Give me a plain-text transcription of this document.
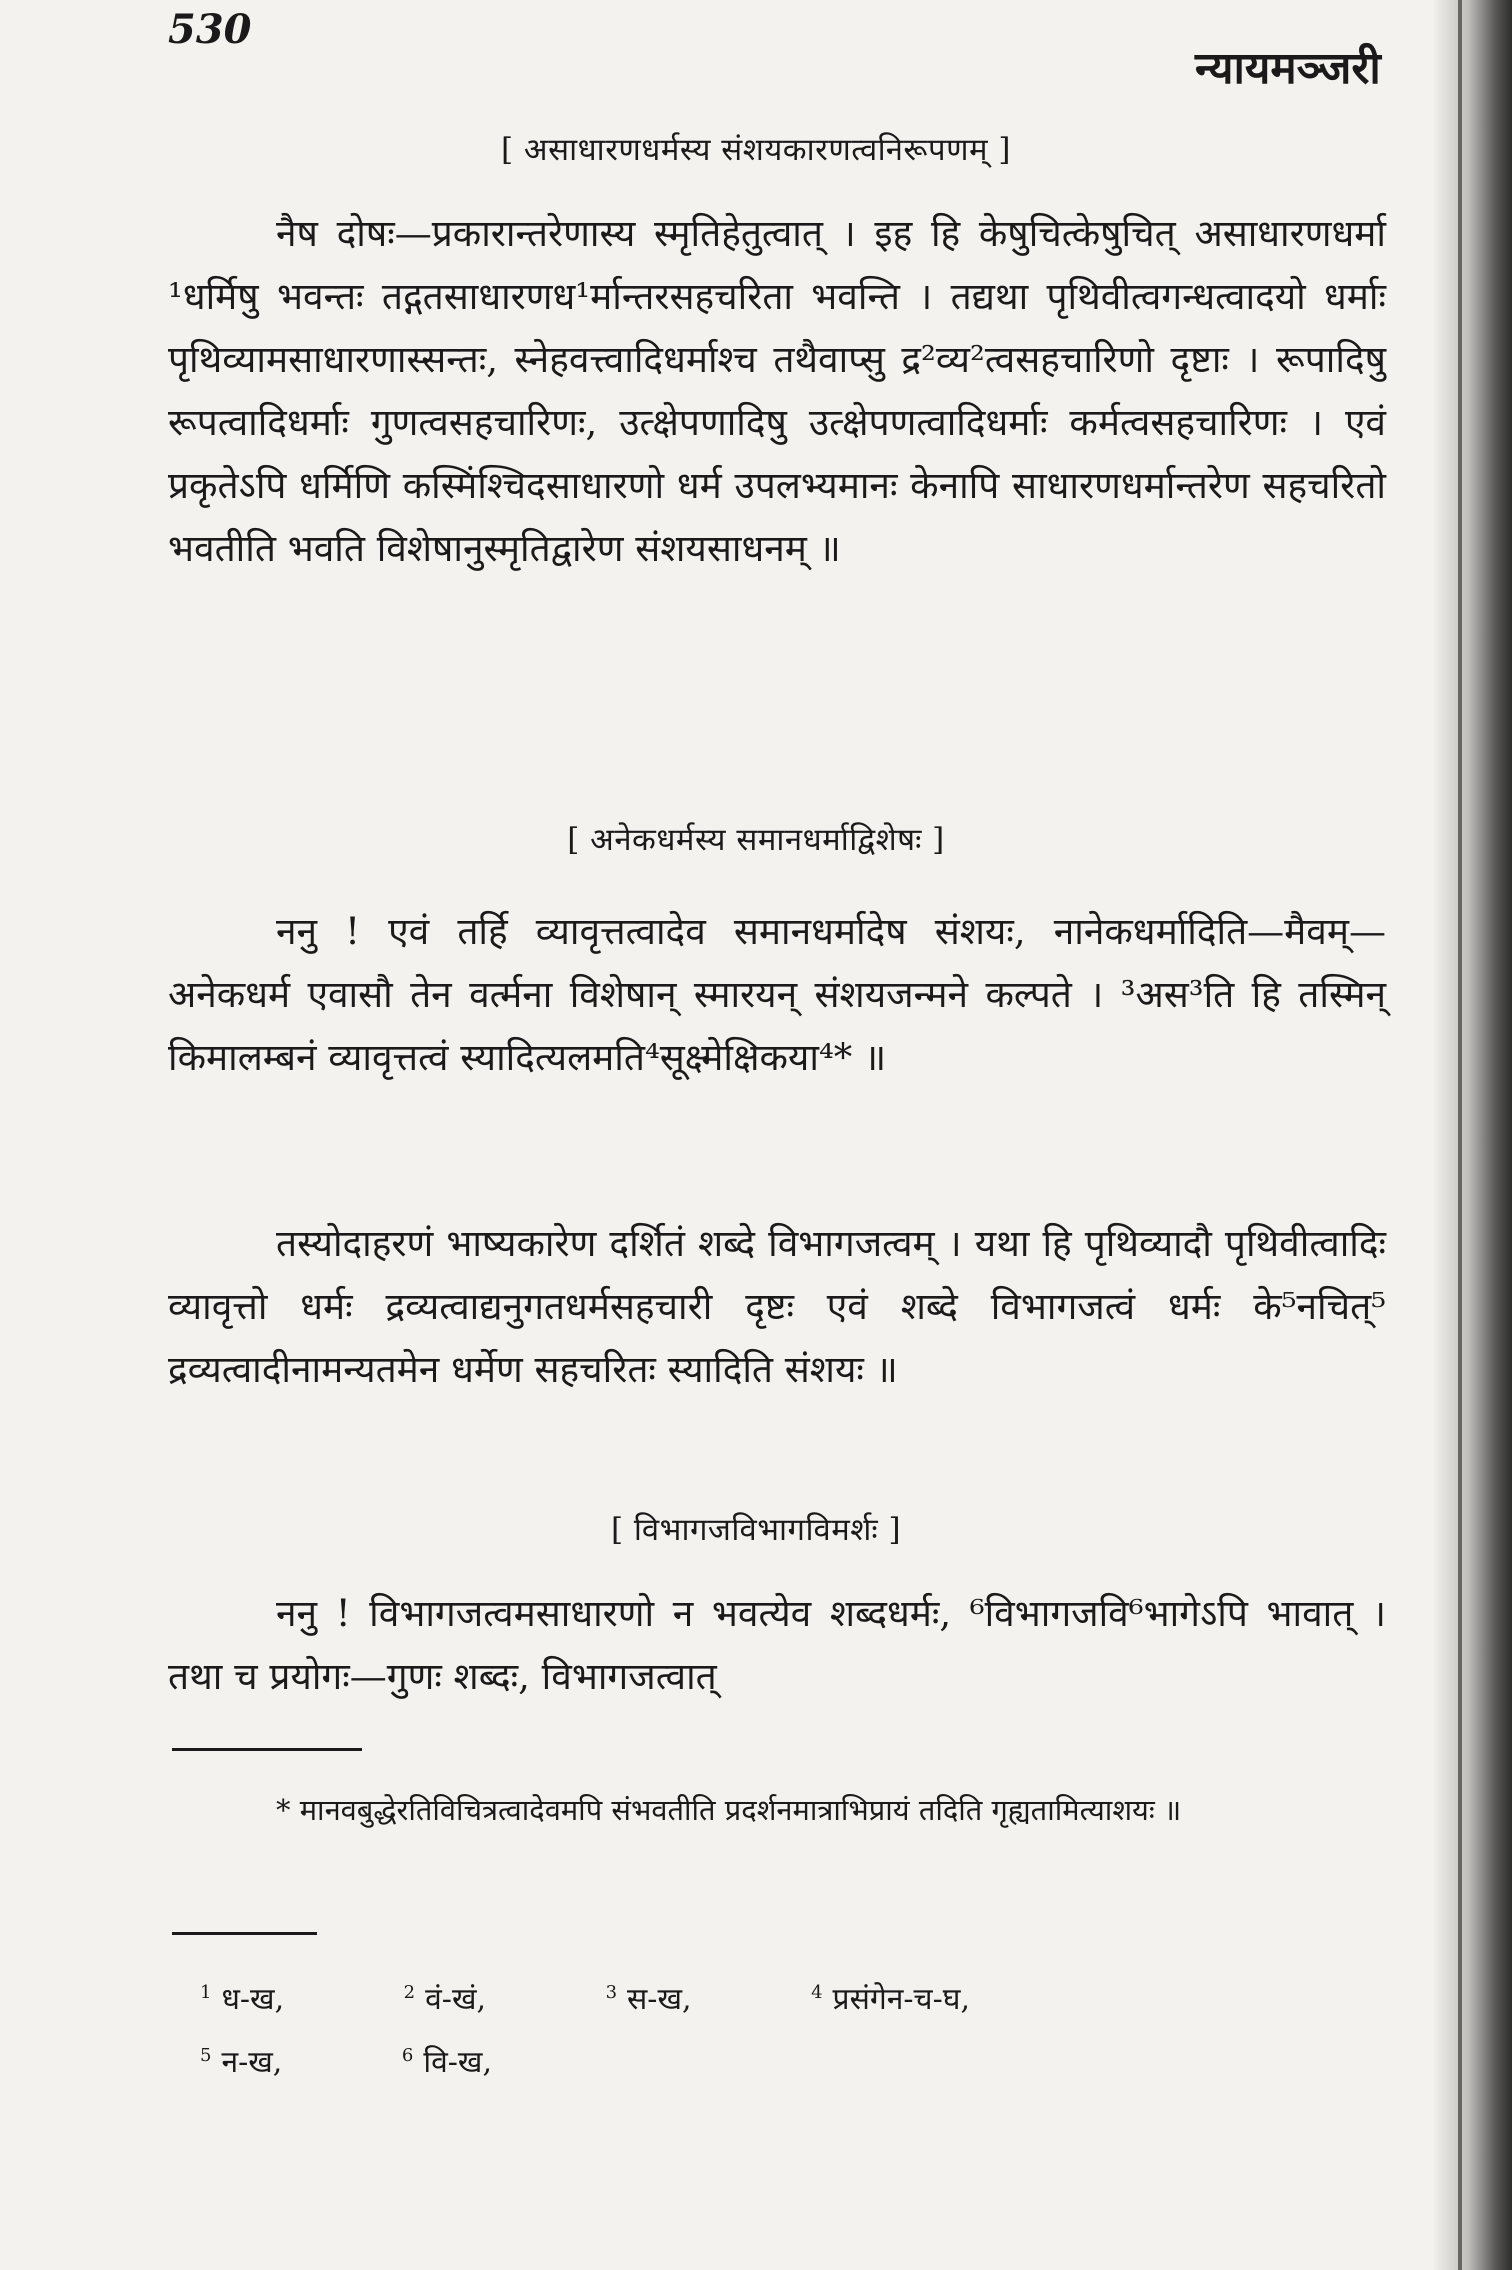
530
न्यायमञ्जरी
[ असाधारणधर्मस्य संशयकारणत्वनिरूपणम् ]

नैष दोषः—प्रकारान्तरेणास्य स्मृतिहेतुत्वात् । इह हि केषुचित्केषुचित् असाधारणधर्मा ¹धर्मिषु भवन्तः तद्गतसाधारणध¹र्मान्तरसहचरिता भवन्ति । तद्यथा पृथिवीत्वगन्धत्वादयो धर्माः पृथिव्यामसाधारणास्सन्तः, स्नेहवत्त्वादिधर्माश्च तथैवाप्सु द्र²व्य²त्वसहचारिणो दृष्टाः । रूपादिषु रूपत्वादिधर्माः गुणत्वसहचारिणः, उत्क्षेपणादिषु उत्क्षेपणत्वादिधर्माः कर्मत्वसहचारिणः । एवं प्रकृतेऽपि धर्मिणि कस्मिंश्चिदसाधारणो धर्म उपलभ्यमानः केनापि साधारणधर्मान्तरेण सहचरितो भवतीति भवति विशेषानुस्मृतिद्वारेण संशयसाधनम् ॥

[ अनेकधर्मस्य समानधर्माद्विशेषः ]

ननु ! एवं तर्हि व्यावृत्तत्वादेव समानधर्मादेष संशयः, नानेकधर्मादिति—मैवम्—अनेकधर्म एवासौ तेन वर्त्मना विशेषान् स्मारयन् संशयजन्मने कल्पते । ³अस³ति हि तस्मिन् किमालम्बनं व्यावृत्तत्वं स्यादित्यलमति⁴सूक्ष्मेक्षिकया⁴* ॥

तस्योदाहरणं भाष्यकारेण दर्शितं शब्दे विभागजत्वम् । यथा हि पृथिव्यादौ पृथिवीत्वादिः व्यावृत्तो धर्मः द्रव्यत्वाद्यनुगतधर्मसहचारी दृष्टः एवं शब्दे विभागजत्वं धर्मः के⁵नचित्⁵ द्रव्यत्वादीनामन्यतमेन धर्मेण सहचरितः स्यादिति संशयः ॥

[ विभागजविभागविमर्शः ]

ननु ! विभागजत्वमसाधारणो न भवत्येव शब्दधर्मः, ⁶विभागजवि⁶भागेऽपि भावात् । तथा च प्रयोगः—गुणः शब्दः, विभागजत्वात्

* मानवबुद्धेरतिविचित्रत्वादेवमपि संभवतीति प्रदर्शनमात्राभिप्रायं तदिति गृह्यतामित्याशयः ॥

$^1$ ध-ख,	$^2$ वं-खं,	$^3$ स-ख,	$^4$ प्रसंगेन-च-घ,
$^5$ न-ख,	$^6$ वि-ख,
